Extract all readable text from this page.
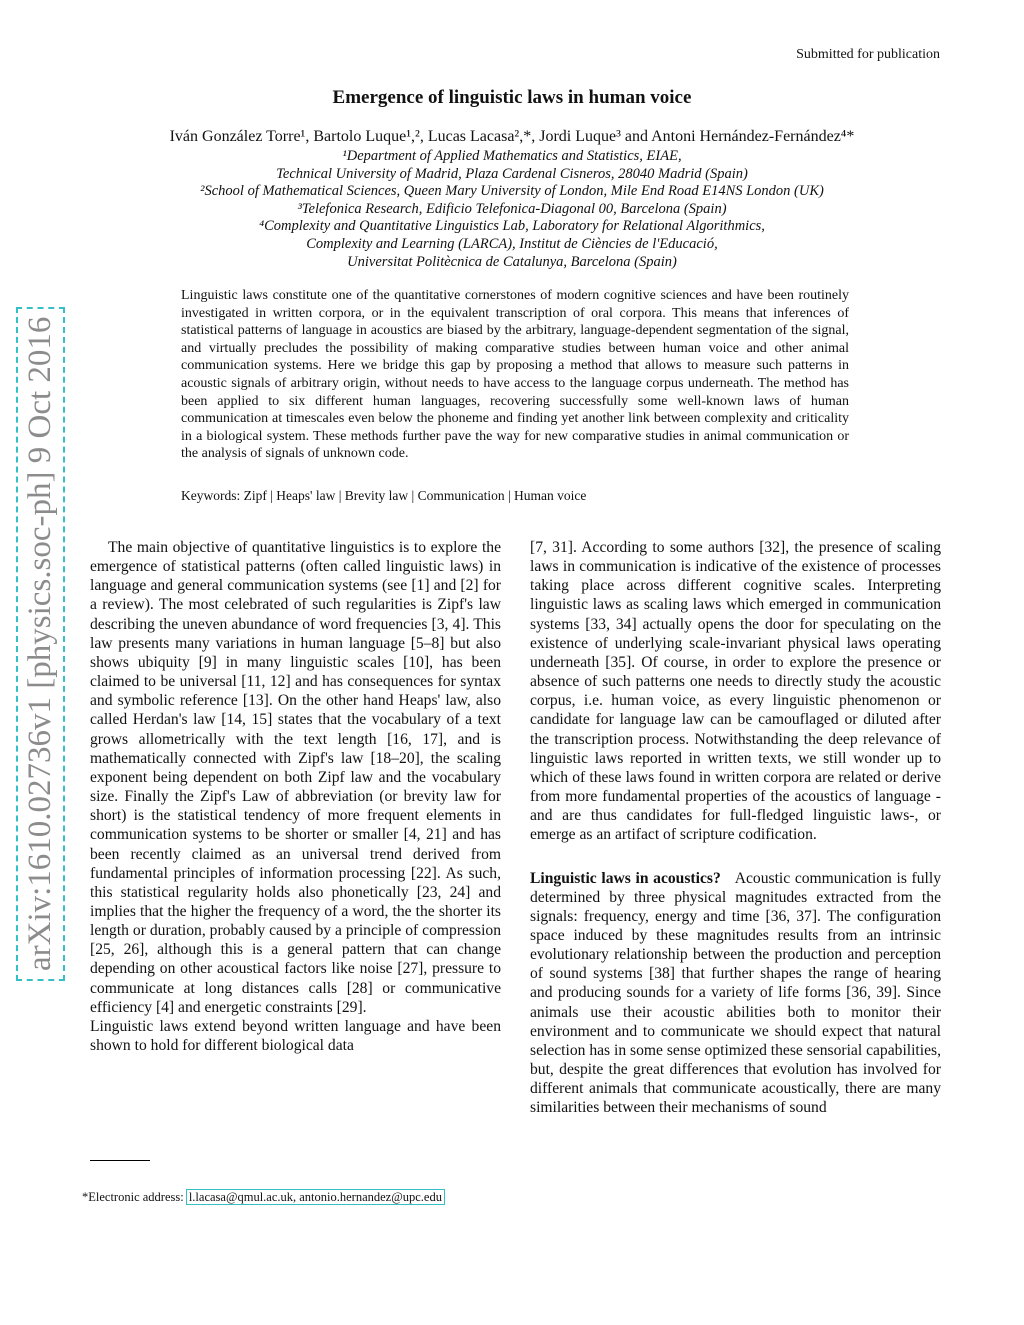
Submitted for publication
arXiv:1610.02736v1 [physics.soc-ph] 9 Oct 2016
Emergence of linguistic laws in human voice
Iván González Torre¹, Bartolo Luque¹,², Lucas Lacasa²,*, Jordi Luque³ and Antoni Hernández-Fernández⁴*
¹Department of Applied Mathematics and Statistics, EIAE,
Technical University of Madrid, Plaza Cardenal Cisneros, 28040 Madrid (Spain)
²School of Mathematical Sciences, Queen Mary University of London, Mile End Road E14NS London (UK)
³Telefonica Research, Edificio Telefonica-Diagonal 00, Barcelona (Spain)
⁴Complexity and Quantitative Linguistics Lab, Laboratory for Relational Algorithmics,
Complexity and Learning (LARCA), Institut de Ciències de l'Educació,
Universitat Politècnica de Catalunya, Barcelona (Spain)
Linguistic laws constitute one of the quantitative cornerstones of modern cognitive sciences and have been routinely investigated in written corpora, or in the equivalent transcription of oral corpora. This means that inferences of statistical patterns of language in acoustics are biased by the arbitrary, language-dependent segmentation of the signal, and virtually precludes the possibility of making comparative studies between human voice and other animal communication systems. Here we bridge this gap by proposing a method that allows to measure such patterns in acoustic signals of arbitrary origin, without needs to have access to the language corpus underneath. The method has been applied to six different human languages, recovering successfully some well-known laws of human communication at timescales even below the phoneme and finding yet another link between complexity and criticality in a biological system. These methods further pave the way for new comparative studies in animal communication or the analysis of signals of unknown code.
Keywords: Zipf | Heaps' law | Brevity law | Communication | Human voice

The main objective of quantitative linguistics is to explore the emergence of statistical patterns (often called linguistic laws) in language and general communication systems (see [1] and [2] for a review). The most celebrated of such regularities is Zipf's law describing the uneven abundance of word frequencies [3, 4]. This law presents many variations in human language [5–8] but also shows ubiquity [9] in many linguistic scales [10], has been claimed to be universal [11, 12] and has consequences for syntax and symbolic reference [13]. On the other hand Heaps' law, also called Herdan's law [14, 15] states that the vocabulary of a text grows allometrically with the text length [16, 17], and is mathematically connected with Zipf's law [18–20], the scaling exponent being dependent on both Zipf law and the vocabulary size. Finally the Zipf's Law of abbreviation (or brevity law for short) is the statistical tendency of more frequent elements in communication systems to be shorter or smaller [4, 21] and has been recently claimed as an universal trend derived from fundamental principles of information processing [22]. As such, this statistical regularity holds also phonetically [23, 24] and implies that the higher the frequency of a word, the the shorter its length or duration, probably caused by a principle of compression [25, 26], although this is a general pattern that can change depending on other acoustical factors like noise [27], pressure to communicate at long distances calls [28] or communicative efficiency [4] and energetic constraints [29].

Linguistic laws extend beyond written language and have been shown to hold for different biological data

[7, 31]. According to some authors [32], the presence of scaling laws in communication is indicative of the existence of processes taking place across different cognitive scales. Interpreting linguistic laws as scaling laws which emerged in communication systems [33, 34] actually opens the door for speculating on the existence of underlying scale-invariant physical laws operating underneath [35]. Of course, in order to explore the presence or absence of such patterns one needs to directly study the acoustic corpus, i.e. human voice, as every linguistic phenomenon or candidate for language law can be camouflaged or diluted after the transcription process. Notwithstanding the deep relevance of linguistic laws reported in written texts, we still wonder up to which of these laws found in written corpora are related or derive from more fundamental properties of the acoustics of language -and are thus candidates for full-fledged linguistic laws-, or emerge as an artifact of scripture codification.

Linguistic laws in acoustics? Acoustic communication is fully determined by three physical magnitudes extracted from the signals: frequency, energy and time [36, 37]. The configuration space induced by these magnitudes results from an intrinsic evolutionary relationship between the production and perception of sound systems [38] that further shapes the range of hearing and producing sounds for a variety of life forms [36, 39]. Since animals use their acoustic abilities both to monitor their environment and to communicate we should expect that natural selection has in some sense optimized these sensorial capabilities, but, despite the great differences that evolution has involved for different animals that communicate acoustically, there are many similarities between their mechanisms of sound

*Electronic address: l.lacasa@qmul.ac.uk, antonio.hernandez@upc.edu
